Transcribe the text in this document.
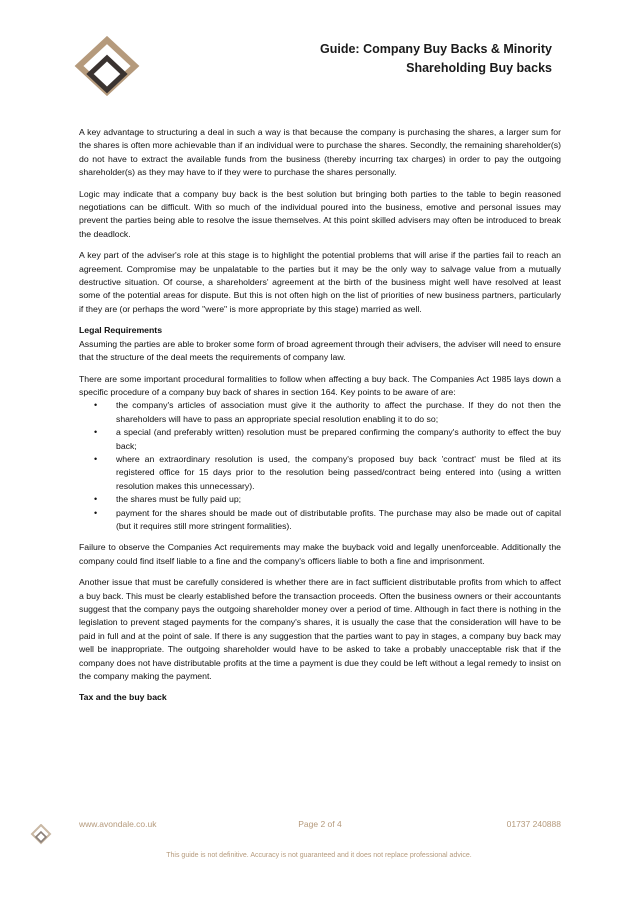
Guide: Company Buy Backs & Minority
Shareholding Buy backs

A key advantage to structuring a deal in such a way is that because the company is purchasing the shares, a larger sum for the shares is often more achievable than if an individual were to purchase the shares. Secondly, the remaining shareholder(s) do not have to extract the available funds from the business (thereby incurring tax charges) in order to pay the outgoing shareholder(s) as they may have to if they were to purchase the shares personally.

Logic may indicate that a company buy back is the best solution but bringing both parties to the table to begin reasoned negotiations can be difficult. With so much of the individual poured into the business, emotive and personal issues may prevent the parties being able to resolve the issue themselves. At this point skilled advisers may often be introduced to break the deadlock.

A key part of the adviser's role at this stage is to highlight the potential problems that will arise if the parties fail to reach an agreement. Compromise may be unpalatable to the parties but it may be the only way to salvage value from a mutually destructive situation. Of course, a shareholders' agreement at the birth of the business might well have resolved at least some of the potential areas for dispute. But this is not often high on the list of priorities of new business partners, particularly if they are (or perhaps the word "were" is more appropriate by this stage) married as well.

Legal Requirements

Assuming the parties are able to broker some form of broad agreement through their advisers, the adviser will need to ensure that the structure of the deal meets the requirements of company law.

There are some important procedural formalities to follow when affecting a buy back. The Companies Act 1985 lays down a specific procedure of a company buy back of shares in section 164. Key points to be aware of are:

• the company's articles of association must give it the authority to affect the purchase. If they do not then the shareholders will have to pass an appropriate special resolution enabling it to do so;
• a special (and preferably written) resolution must be prepared confirming the company's authority to effect the buy back;
• where an extraordinary resolution is used, the company's proposed buy back 'contract' must be filed at its registered office for 15 days prior to the resolution being passed/contract being entered into (using a written resolution makes this unnecessary).
• the shares must be fully paid up;
• payment for the shares should be made out of distributable profits. The purchase may also be made out of capital (but it requires still more stringent formalities).

Failure to observe the Companies Act requirements may make the buyback void and legally unenforceable. Additionally the company could find itself liable to a fine and the company's officers liable to both a fine and imprisonment.

Another issue that must be carefully considered is whether there are in fact sufficient distributable profits from which to affect a buy back. This must be clearly established before the transaction proceeds. Often the business owners or their accountants suggest that the company pays the outgoing shareholder money over a period of time. Although in fact there is nothing in the legislation to prevent staged payments for the company's shares, it is usually the case that the consideration will have to be paid in full and at the point of sale. If there is any suggestion that the parties want to pay in stages, a company buy back may well be inappropriate. The outgoing shareholder would have to be asked to take a probably unacceptable risk that if the company does not have distributable profits at the time a payment is due they could be left without a legal remedy to insist on the company making the payment.

Tax and the buy back
www.avondale.co.uk	Page 2 of 4	01737 240888
This guide is not definitive. Accuracy is not guaranteed and it does not replace professional advice.
